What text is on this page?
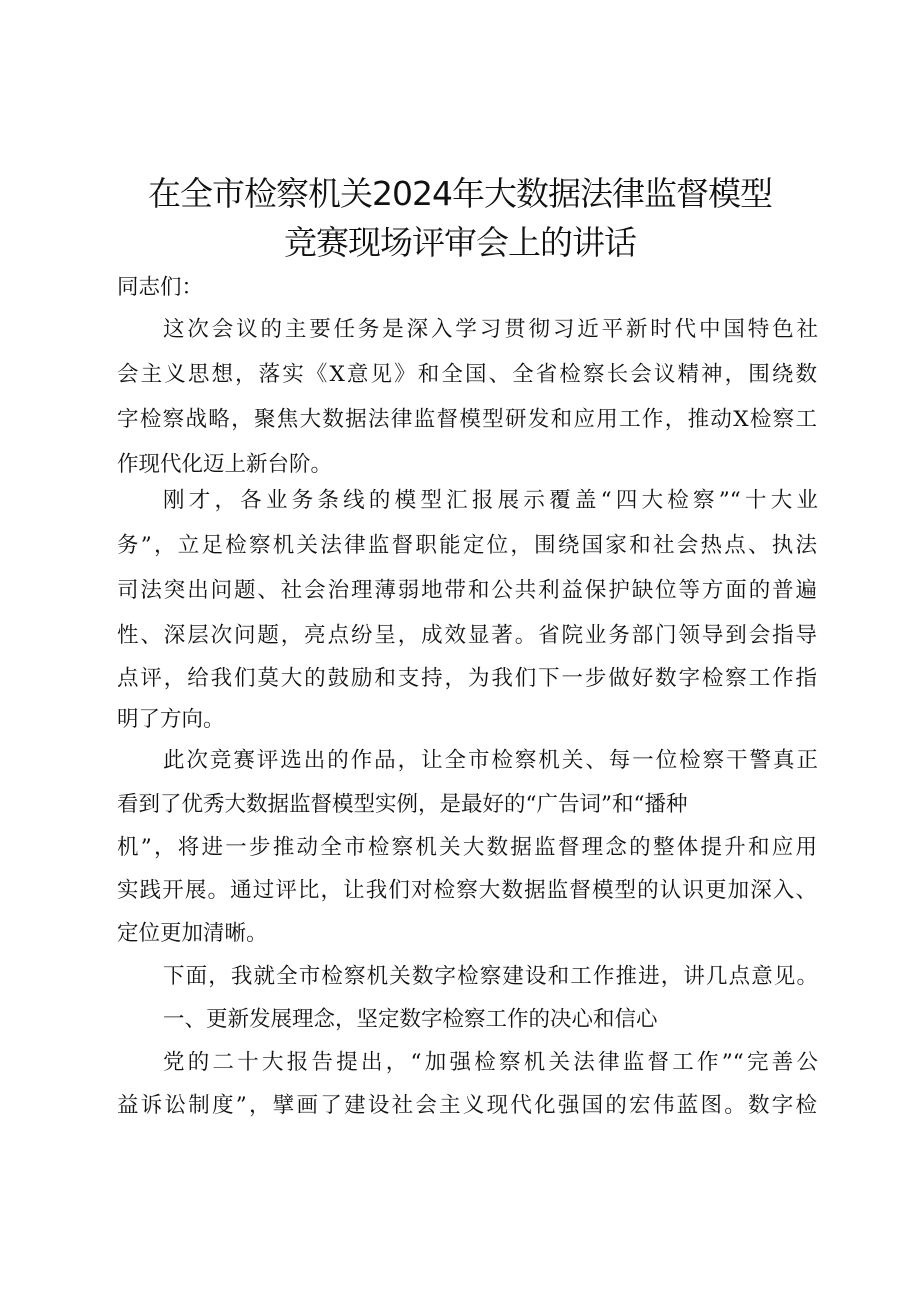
在全市检察机关2024年大数据法律监督模型
竞赛现场评审会上的讲话
同志们：
这次会议的主要任务是深入学习贯彻习近平新时代中国特色社
会主义思想，落实《X意见》和全国、全省检察长会议精神，围绕数
字检察战略，聚焦大数据法律监督模型研发和应用工作，推动X检察工
作现代化迈上新台阶。
刚才，各业务条线的模型汇报展示覆盖“四大检察”“十大业
务”，立足检察机关法律监督职能定位，围绕国家和社会热点、执法
司法突出问题、社会治理薄弱地带和公共利益保护缺位等方面的普遍
性、深层次问题，亮点纷呈，成效显著。省院业务部门领导到会指导
点评，给我们莫大的鼓励和支持，为我们下一步做好数字检察工作指
明了方向。
此次竞赛评选出的作品，让全市检察机关、每一位检察干警真正
看到了优秀大数据监督模型实例，是最好的“广告词”和“播种
机”，将进一步推动全市检察机关大数据监督理念的整体提升和应用
实践开展。通过评比，让我们对检察大数据监督模型的认识更加深入、
定位更加清晰。
下面，我就全市检察机关数字检察建设和工作推进，讲几点意见。
一、更新发展理念，坚定数字检察工作的决心和信心
党的二十大报告提出，“加强检察机关法律监督工作”“完善公
益诉讼制度”，擘画了建设社会主义现代化强国的宏伟蓝图。数字检
